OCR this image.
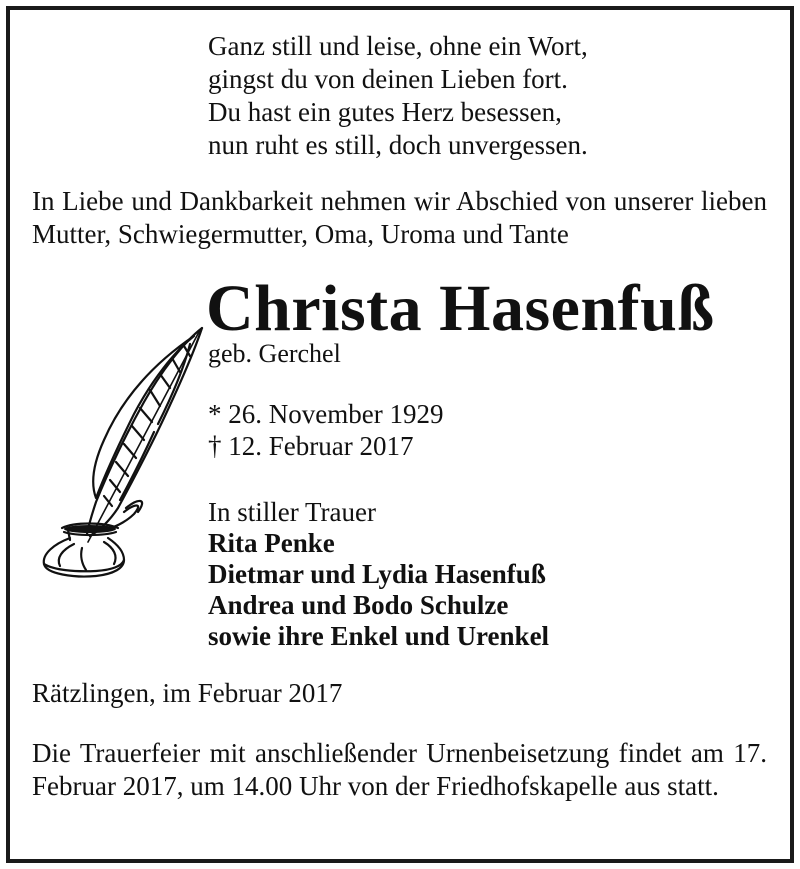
Ganz still und leise, ohne ein Wort,
gingst du von deinen Lieben fort.
Du hast ein gutes Herz besessen,
nun ruht es still, doch unvergessen.
In Liebe und Dankbarkeit nehmen wir Abschied von unserer lieben Mutter, Schwiegermutter, Oma, Uroma und Tante
Christa Hasenfuß
geb. Gerchel
* 26. November 1929
† 12. Februar 2017
In stiller Trauer
Rita Penke
Dietmar und Lydia Hasenfuß
Andrea und Bodo Schulze
sowie ihre Enkel und Urenkel
Rätzlingen, im Februar 2017
Die Trauerfeier mit anschließender Urnenbeisetzung findet am 17. Februar 2017, um 14.00 Uhr von der Friedhofskapelle aus statt.
